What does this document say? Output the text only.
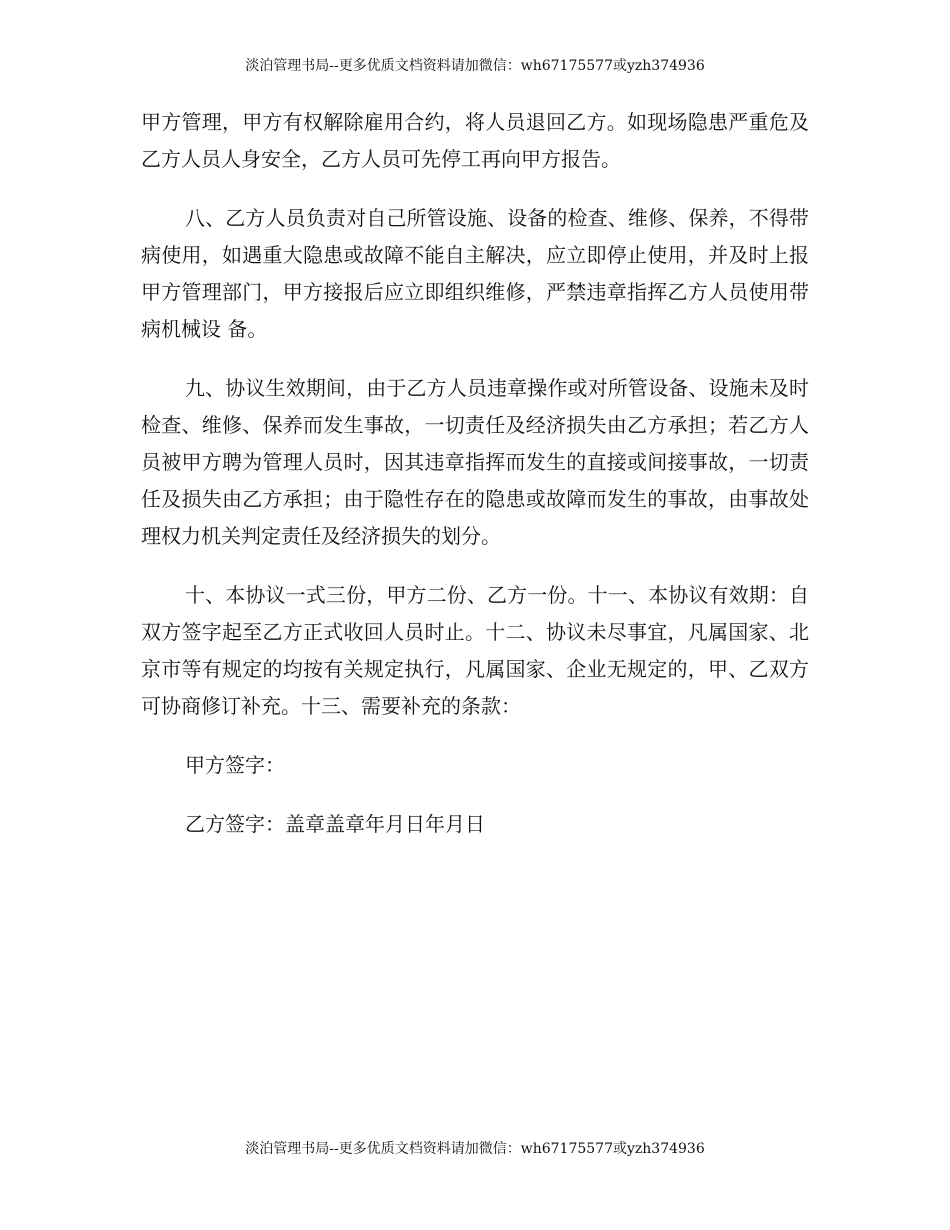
淡泊管理书局--更多优质文档资料请加微信：wh67175577或yzh374936

甲方管理，甲方有权解除雇用合约，将人员退回乙方。如现场隐患严重危及乙方人员人身安全，乙方人员可先停工再向甲方报告。

八、乙方人员负责对自己所管设施、设备的检查、维修、保养，不得带病使用，如遇重大隐患或故障不能自主解决，应立即停止使用，并及时上报甲方管理部门，甲方接报后应立即组织维修，严禁违章指挥乙方人员使用带病机械设 备。

九、协议生效期间，由于乙方人员违章操作或对所管设备、设施未及时检查、维修、保养而发生事故，一切责任及经济损失由乙方承担；若乙方人员被甲方聘为管理人员时，因其违章指挥而发生的直接或间接事故，一切责任及损失由乙方承担；由于隐性存在的隐患或故障而发生的事故，由事故处理权力机关判定责任及经济损失的划分。

十、本协议一式三份，甲方二份、乙方一份。十一、本协议有效期：自双方签字起至乙方正式收回人员时止。十二、协议未尽事宜，凡属国家、北京市等有规定的均按有关规定执行，凡属国家、企业无规定的，甲、乙双方可协商修订补充。十三、需要补充的条款：

甲方签字：
乙方签字：盖章盖章年月日年月日
淡泊管理书局--更多优质文档资料请加微信：wh67175577或yzh374936
